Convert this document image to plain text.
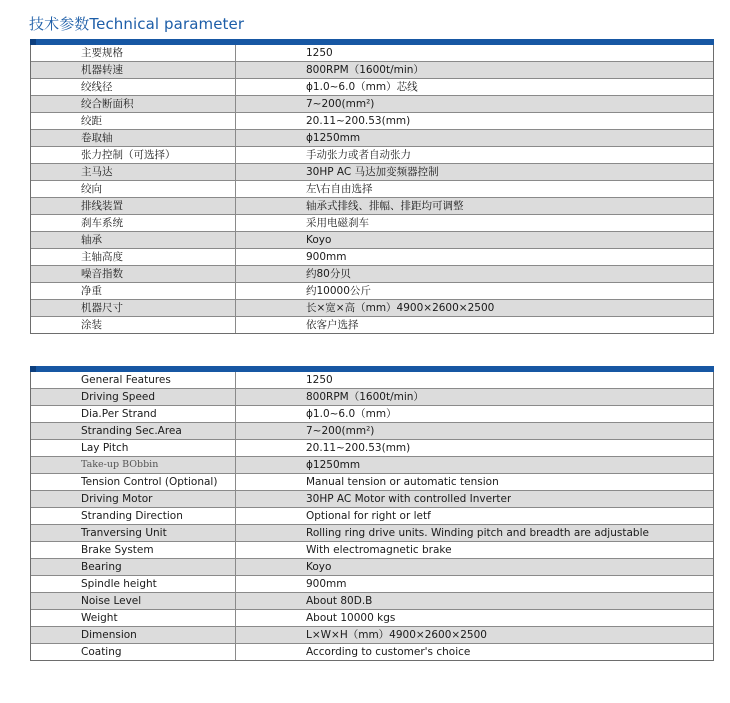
技术参数Technical parameter
主要规格	1250
机器转速	800RPM（1600t/min）
绞线径	ϕ1.0~6.0（mm）芯线
绞合断面积	7~200(mm²)
绞距	20.11~200.53(mm)
卷取轴	ϕ1250mm
张力控制（可选择）	手动张力或者自动张力
主马达	30HP AC 马达加变频器控制
绞向	左\右自由选择
排线装置	轴承式排线、排幅、排距均可调整
刹车系统	采用电磁刹车
轴承	Koyo
主轴高度	900mm
噪音指数	约80分贝
净重	约10000公斤
机器尺寸	长×宽×高（mm）4900×2600×2500
涂装	依客户选择
General Features	1250
Driving Speed	800RPM（1600t/min）
Dia.Per Strand	ϕ1.0~6.0（mm）
Stranding Sec.Area	7~200(mm²)
Lay Pitch	20.11~200.53(mm)
Take-up BObbin	ϕ1250mm
Tension Control (Optional)	Manual tension or automatic tension
Driving Motor	30HP AC Motor with controlled Inverter
Stranding Direction	Optional for right or letf
Tranversing Unit	Rolling ring drive units. Winding pitch and breadth are adjustable
Brake System	With electromagnetic brake
Bearing	Koyo
Spindle height	900mm
Noise Level	About 80D.B
Weight	About 10000 kgs
Dimension	L×W×H（mm）4900×2600×2500
Coating	According to customer's choice
